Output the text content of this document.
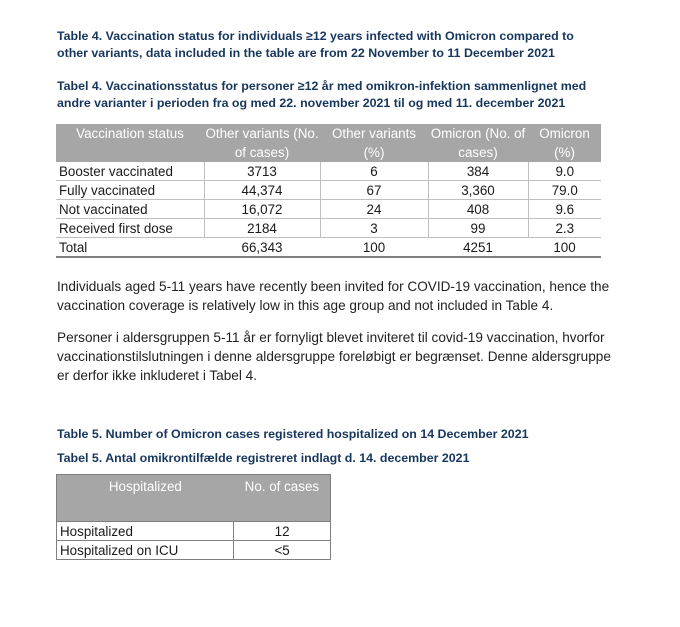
Table 4. Vaccination status for individuals ≥12 years infected with Omicron compared to other variants, data included in the table are from 22 November to 11 December 2021

Tabel 4. Vaccinationsstatus for personer ≥12 år med omikron-infektion sammenlignet med andre varianter i perioden fra og med 22. november 2021 til og med 11. december 2021

Vaccination status	Other variants (No. of cases)	Other variants (%)	Omicron (No. of cases)	Omicron (%)
Booster vaccinated	3713	6	384	9.0
Fully vaccinated	44,374	67	3,360	79.0
Not vaccinated	16,072	24	408	9.6
Received first dose	2184	3	99	2.3
Total	66,343	100	4251	100

Individuals aged 5-11 years have recently been invited for COVID-19 vaccination, hence the vaccination coverage is relatively low in this age group and not included in Table 4.

Personer i aldersgruppen 5-11 år er fornyligt blevet inviteret til covid-19 vaccination, hvorfor vaccinationstilslutningen i denne aldersgruppe foreløbigt er begrænset. Denne aldersgruppe er derfor ikke inkluderet i Tabel 4.

Table 5. Number of Omicron cases registered hospitalized on 14 December 2021

Tabel 5. Antal omikrontilfælde registreret indlagt d. 14. december 2021

Hospitalized	No. of cases
Hospitalized	12
Hospitalized on ICU	<5
